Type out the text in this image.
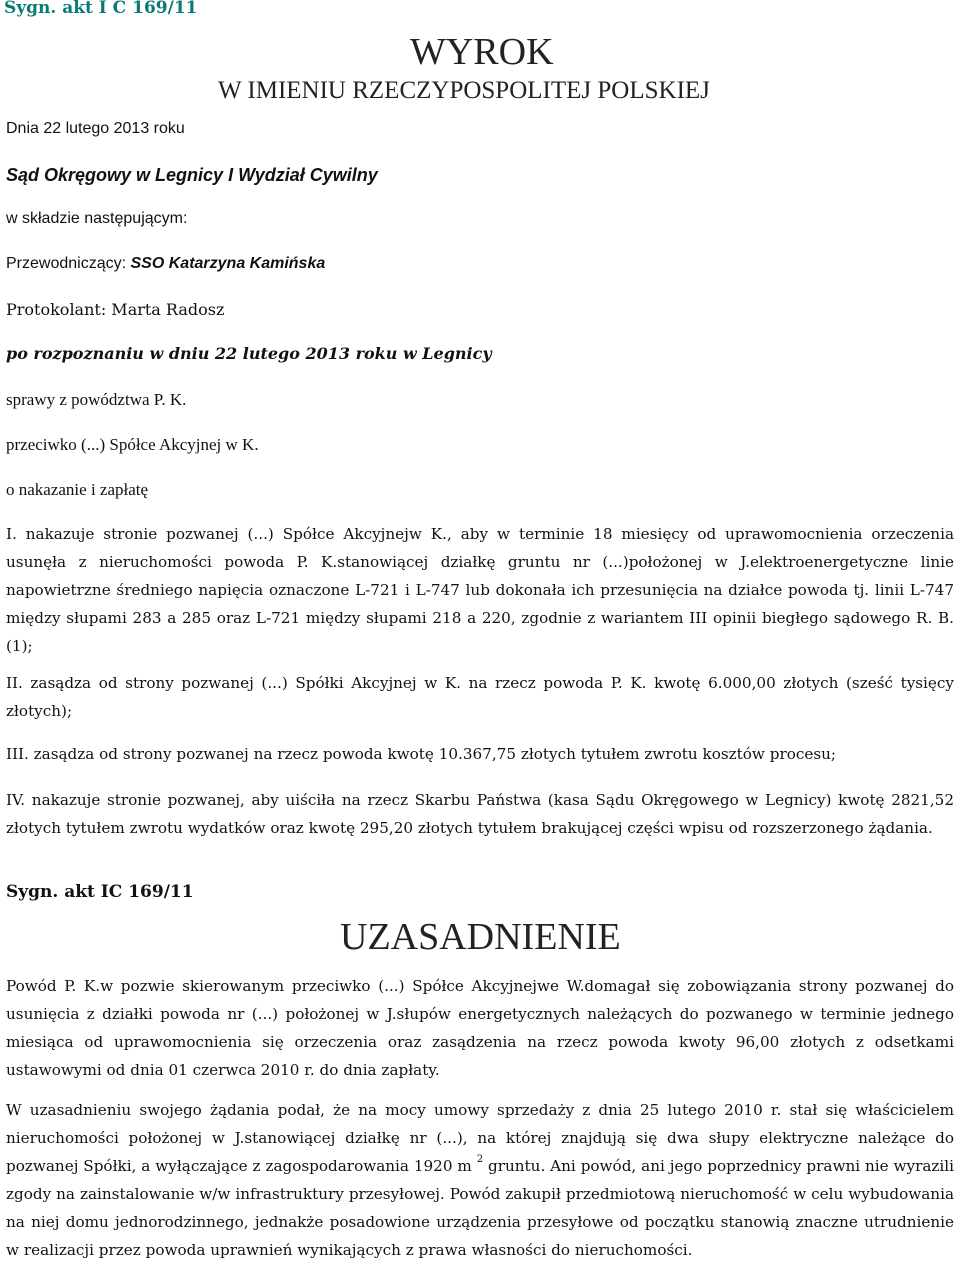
Sygn. akt I C 169/11
WYROK
W IMIENIU RZECZYPOSPOLITEJ POLSKIEJ
Dnia 22 lutego 2013 roku
Sąd Okręgowy w Legnicy I Wydział Cywilny
w składzie następującym:
Przewodniczący: SSO Katarzyna Kamińska
Protokolant: Marta Radosz
po rozpoznaniu w dniu 22 lutego 2013 roku w Legnicy
sprawy z powództwa P. K.
przeciwko (...) Spółce Akcyjnej w K.
o nakazanie i zapłatę

I. nakazuje stronie pozwanej (...) Spółce Akcyjnejw K., aby w terminie 18 miesięcy od uprawomocnienia orzeczenia usunęła z nieruchomości powoda P. K.stanowiącej działkę gruntu nr (...)położonej w J.elektroenergetyczne linie napowietrzne średniego napięcia oznaczone L-721 i L-747 lub dokonała ich przesunięcia na działce powoda tj. linii L-747 między słupami 283 a 285 oraz L-721 między słupami 218 a 220, zgodnie z wariantem III opinii biegłego sądowego R. B. (1);

II. zasądza od strony pozwanej (...) Spółki Akcyjnej w K. na rzecz powoda P. K. kwotę 6.000,00 złotych (sześć tysięcy złotych);

III. zasądza od strony pozwanej na rzecz powoda kwotę 10.367,75 złotych tytułem zwrotu kosztów procesu;

IV. nakazuje stronie pozwanej, aby uiściła na rzecz Skarbu Państwa (kasa Sądu Okręgowego w Legnicy) kwotę 2821,52 złotych tytułem zwrotu wydatków oraz kwotę 295,20 złotych tytułem brakującej części wpisu od rozszerzonego żądania.

Sygn. akt IC 169/11
UZASADNIENIE

Powód P. K.w pozwie skierowanym przeciwko (...) Spółce Akcyjnejwe W.domagał się zobowiązania strony pozwanej do usunięcia z działki powoda nr (...) położonej w J.słupów energetycznych należących do pozwanego w terminie jednego miesiąca od uprawomocnienia się orzeczenia oraz zasądzenia na rzecz powoda kwoty 96,00 złotych z odsetkami ustawowymi od dnia 01 czerwca 2010 r. do dnia zapłaty.

W uzasadnieniu swojego żądania podał, że na mocy umowy sprzedaży z dnia 25 lutego 2010 r. stał się właścicielem nieruchomości położonej w J.stanowiącej działkę nr (...), na której znajdują się dwa słupy elektryczne należące do pozwanej Spółki, a wyłączające z zagospodarowania 1920 m $^2$ gruntu. Ani powód, ani jego poprzednicy prawni nie wyrazili zgody na zainstalowanie w/w infrastruktury przesyłowej. Powód zakupił przedmiotową nieruchomość w celu wybudowania na niej domu jednorodzinnego, jednakże posadowione urządzenia przesyłowe od początku stanowią znaczne utrudnienie w realizacji przez powoda uprawnień wynikających z prawa własności do nieruchomości.
